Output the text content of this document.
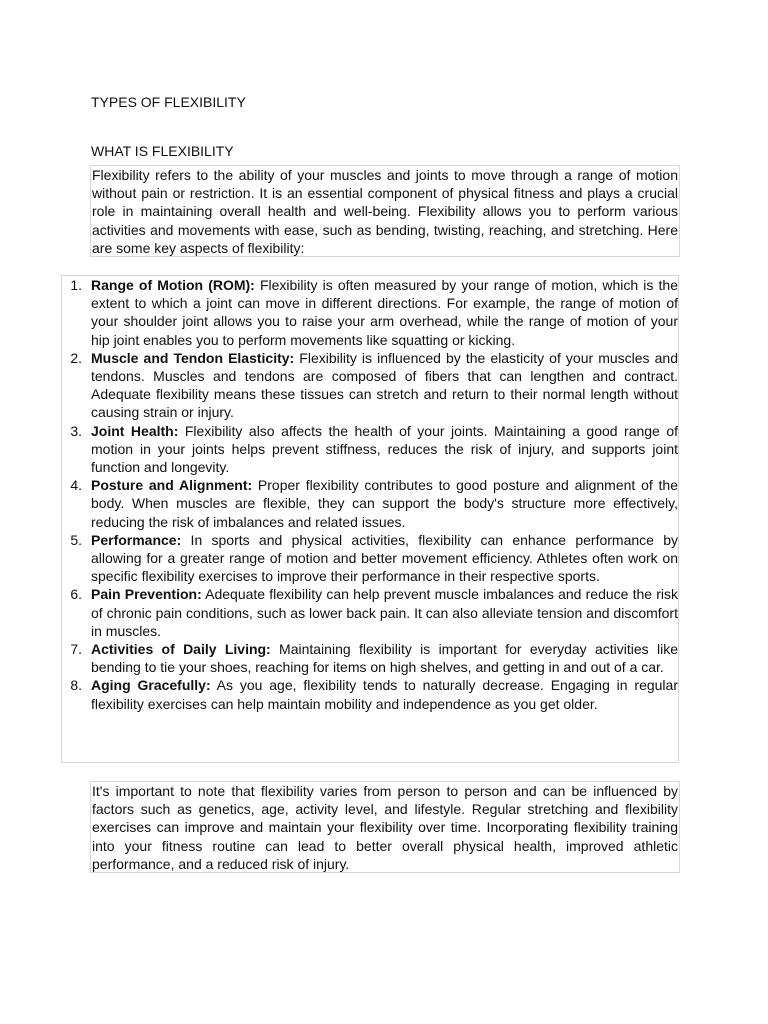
TYPES OF FLEXIBILITY
WHAT IS FLEXIBILITY
Flexibility refers to the ability of your muscles and joints to move through a range of motion without pain or restriction. It is an essential component of physical fitness and plays a crucial role in maintaining overall health and well-being. Flexibility allows you to perform various activities and movements with ease, such as bending, twisting, reaching, and stretching. Here are some key aspects of flexibility:
1. Range of Motion (ROM): Flexibility is often measured by your range of motion, which is the extent to which a joint can move in different directions. For example, the range of motion of your shoulder joint allows you to raise your arm overhead, while the range of motion of your hip joint enables you to perform movements like squatting or kicking.
2. Muscle and Tendon Elasticity: Flexibility is influenced by the elasticity of your muscles and tendons. Muscles and tendons are composed of fibers that can lengthen and contract. Adequate flexibility means these tissues can stretch and return to their normal length without causing strain or injury.
3. Joint Health: Flexibility also affects the health of your joints. Maintaining a good range of motion in your joints helps prevent stiffness, reduces the risk of injury, and supports joint function and longevity.
4. Posture and Alignment: Proper flexibility contributes to good posture and alignment of the body. When muscles are flexible, they can support the body's structure more effectively, reducing the risk of imbalances and related issues.
5. Performance: In sports and physical activities, flexibility can enhance performance by allowing for a greater range of motion and better movement efficiency. Athletes often work on specific flexibility exercises to improve their performance in their respective sports.
6. Pain Prevention: Adequate flexibility can help prevent muscle imbalances and reduce the risk of chronic pain conditions, such as lower back pain. It can also alleviate tension and discomfort in muscles.
7. Activities of Daily Living: Maintaining flexibility is important for everyday activities like bending to tie your shoes, reaching for items on high shelves, and getting in and out of a car.
8. Aging Gracefully: As you age, flexibility tends to naturally decrease. Engaging in regular flexibility exercises can help maintain mobility and independence as you get older.
It's important to note that flexibility varies from person to person and can be influenced by factors such as genetics, age, activity level, and lifestyle. Regular stretching and flexibility exercises can improve and maintain your flexibility over time. Incorporating flexibility training into your fitness routine can lead to better overall physical health, improved athletic performance, and a reduced risk of injury.
